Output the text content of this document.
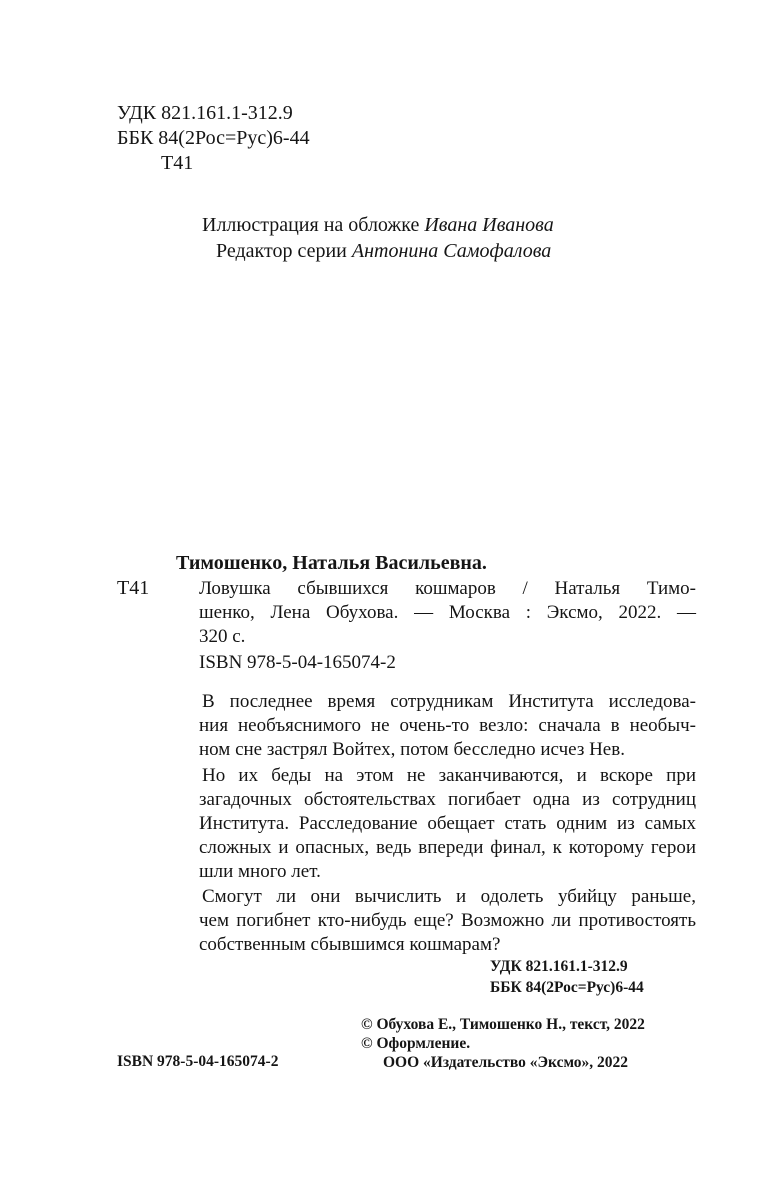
УДК 821.161.1-312.9
ББК 84(2Рос=Рус)6-44
Т41
Иллюстрация на обложке Ивана Иванова
Редактор серии Антонина Самофалова
Тимошенко, Наталья Васильевна.
Т41	Ловушка сбывшихся кошмаров / Наталья Тимо-
шенко, Лена Обухова. — Москва : Эксмо, 2022. —
320 с.
ISBN 978-5-04-165074-2
В последнее время сотрудникам Института исследова-
ния необъяснимого не очень-то везло: сначала в необыч-
ном сне застрял Войтех, потом бесследно исчез Нев.
Но их беды на этом не заканчиваются, и вскоре при
загадочных обстоятельствах погибает одна из сотрудниц
Института. Расследование обещает стать одним из самых
сложных и опасных, ведь впереди финал, к которому герои
шли много лет.
Смогут ли они вычислить и одолеть убийцу раньше,
чем погибнет кто-нибудь еще? Возможно ли противостоять
собственным сбывшимся кошмарам?
УДК 821.161.1-312.9
ББК 84(2Рос=Рус)6-44
ISBN 978-5-04-165074-2
© Обухова Е., Тимошенко Н., текст, 2022
© Оформление.
ООО «Издательство «Эксмо», 2022
